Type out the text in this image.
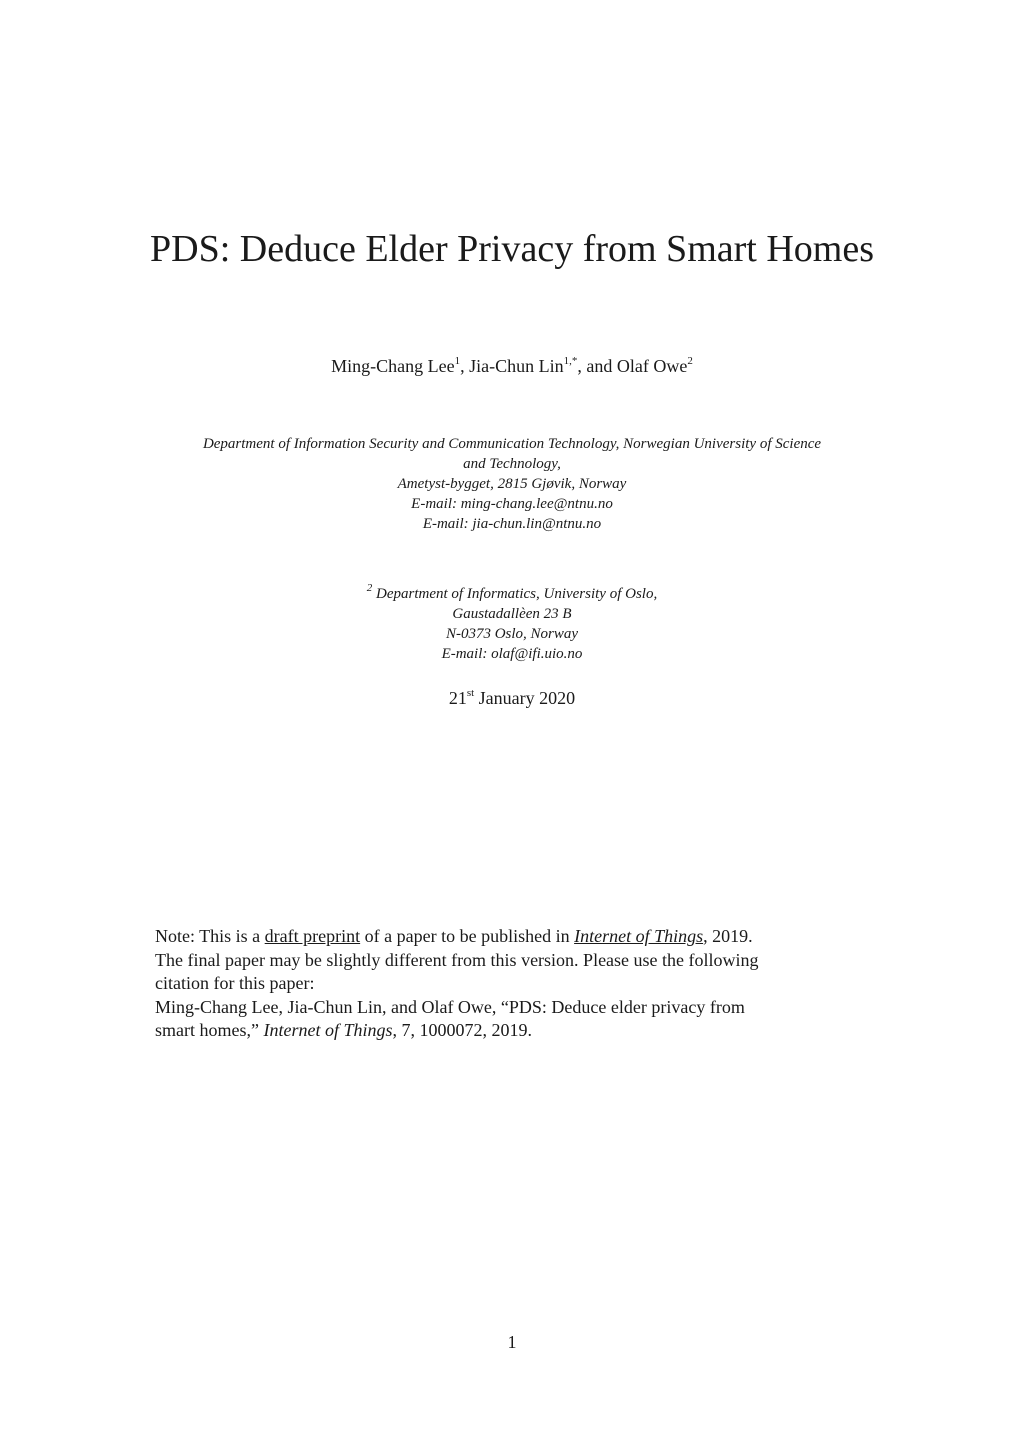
PDS: Deduce Elder Privacy from Smart Homes
Ming-Chang Lee$^1$, Jia-Chun Lin$^{1,*}$, and Olaf Owe$^2$
Department of Information Security and Communication Technology, Norwegian University of Science
and Technology,
Ametyst-bygget, 2815 Gjøvik, Norway
E-mail: ming-chang.lee@ntnu.no
E-mail: jia-chun.lin@ntnu.no
$^2$ Department of Informatics, University of Oslo,
Gaustadallèen 23 B
N-0373 Oslo, Norway
E-mail: olaf@ifi.uio.no
21st January 2020
Note: This is a draft preprint of a paper to be published in Internet of Things, 2019.
The final paper may be slightly different from this version. Please use the following
citation for this paper:
Ming-Chang Lee, Jia-Chun Lin, and Olaf Owe, “PDS: Deduce elder privacy from
smart homes,” Internet of Things, 7, 1000072, 2019.
1
